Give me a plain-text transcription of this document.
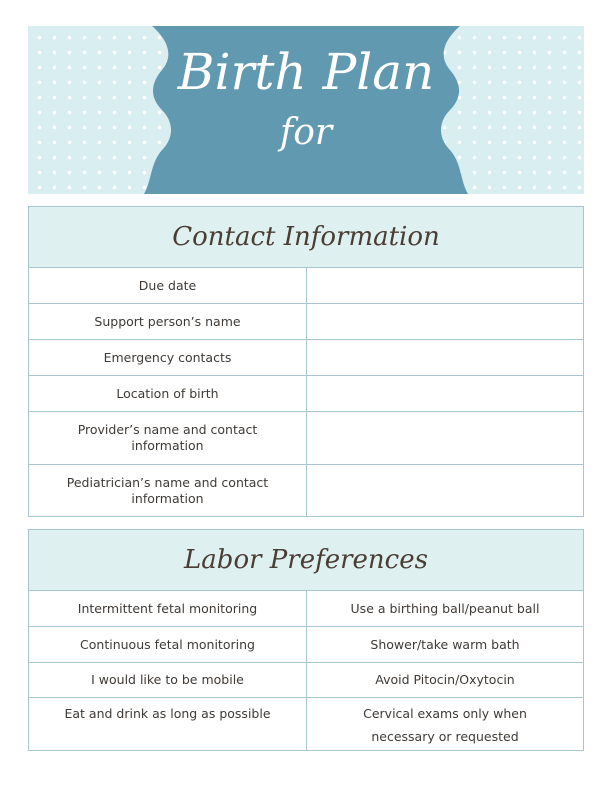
Birth Plan
for
Contact Information
Due date
Support person’s name
Emergency contacts
Location of birth
Provider’s name and contact information
Pediatrician’s name and contact information
Labor Preferences
Intermittent fetal monitoring	Use a birthing ball/peanut ball
Continuous fetal monitoring	Shower/take warm bath
I would like to be mobile	Avoid Pitocin/Oxytocin
Eat and drink as long as possible	Cervical exams only when necessary or requested
